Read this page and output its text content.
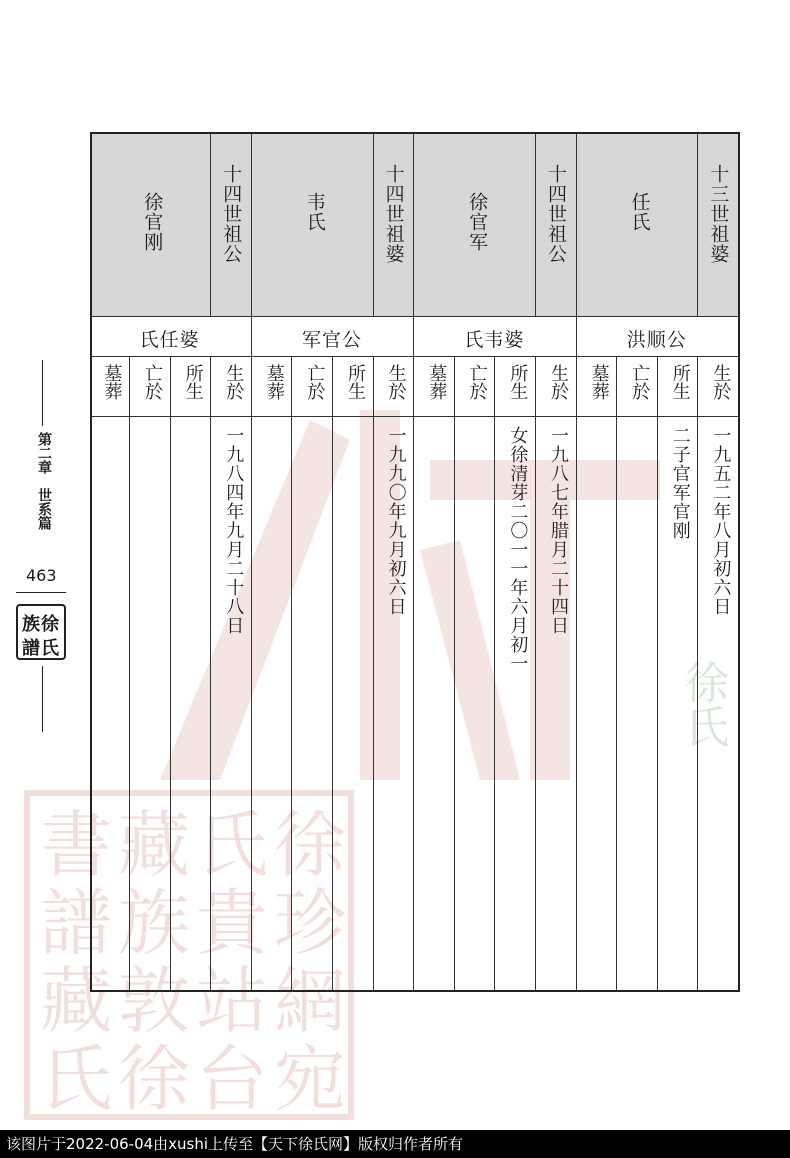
徐氏
徐
珍
網
宛
氏
貴
站
台
藏
族
敦
徐
書
譜
藏
氏
第二章　世系篇
463
徐
氏
族
譜
十三世祖婆
任氏
洪顺公
生於
一九五二年八月初六日
所生
二子官军官刚
亡於
墓葬
十四世祖公
徐官军
氏韦婆
生於
一九八七年腊月二十四日
所生
女徐清芽二〇一一年六月初一
亡於
墓葬
十四世祖婆
韦氏
军官公
生於
一九九〇年九月初六日
所生
亡於
墓葬
十四世祖公
徐官刚
氏任婆
生於
一九八四年九月二十八日
所生
亡於
墓葬
该图片于2022-06-04由xushi上传至【天下徐氏网】版权归作者所有
